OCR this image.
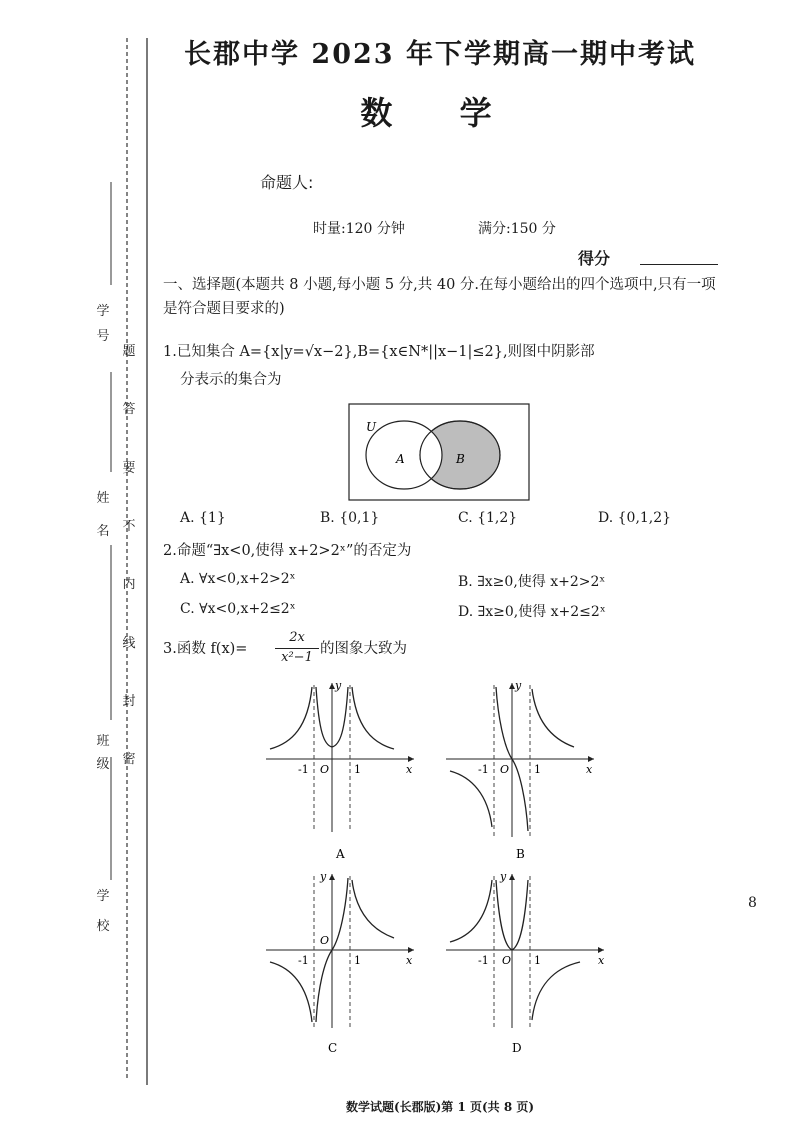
学
号
姓
名
班
级
学
校
题
答
要
不
内
线
封
密
长郡中学 2023 年下学期高一期中考试
数 学
命题人:
时量:120 分钟	满分:150 分
得分
一、选择题(本题共 8 小题,每小题 5 分,共 40 分.在每小题给出的四个选项中,只有一项是符合题目要求的)
1.已知集合 A={x|y=√x−2},B={x∈N*||x−1|≤2},则图中阴影部
分表示的集合为
U
A	B
A. {1}	B. {0,1}	C. {1,2}	D. {0,1,2}
2.命题“∃x<0,使得 x+2>2ˣ”的否定为
A. ∀x<0,x+2>2ˣ	B. ∃x≥0,使得 x+2>2ˣ
C. ∀x<0,x+2≤2ˣ	D. ∃x≥0,使得 x+2≤2ˣ
3.函数 f(x)=
2x
x²−1
的图象大致为
y
x
O
-1	1
A
y
x
O
-1	1
B
y
x
O
-1	1
C
y
x
O
-1	1
D
8
数学试题(长郡版)第 1 页(共 8 页)
